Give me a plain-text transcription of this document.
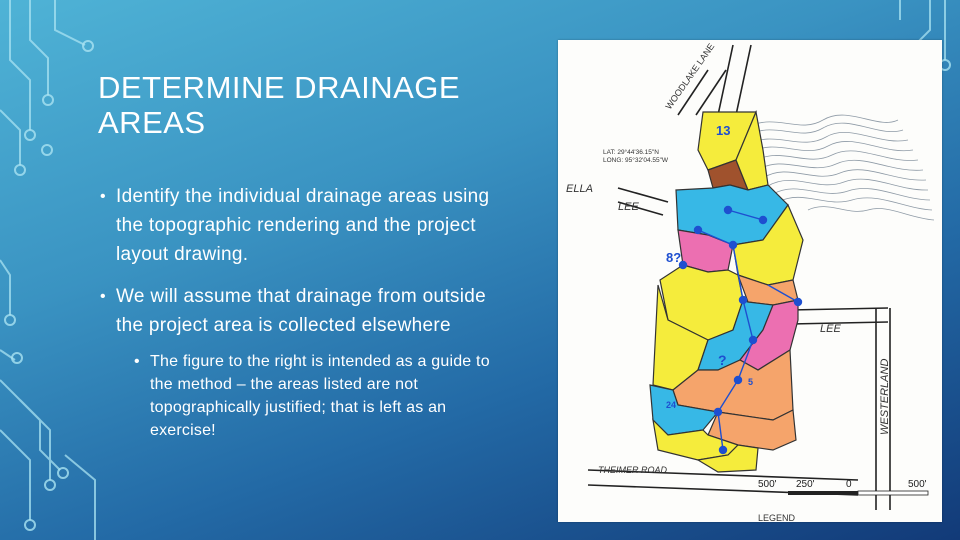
DETERMINE DRAINAGE AREAS
• Identify the individual drainage areas using the topographic rendering and the project layout drawing.
• We will assume that drainage from outside the project area is collected elsewhere
• The figure to the right is intended as a guide to the method – the areas listed are not topographically justified; that is left as an exercise!
WOODLAKE LANE
ELLA
LEE
LEE
WESTERLAND
THEIMER ROAD
LAT: 29°44'36.15"N
LONG: 95°32'04.55"W
13
8?
24
?
5
500' 250'	0	500'
LEGEND
